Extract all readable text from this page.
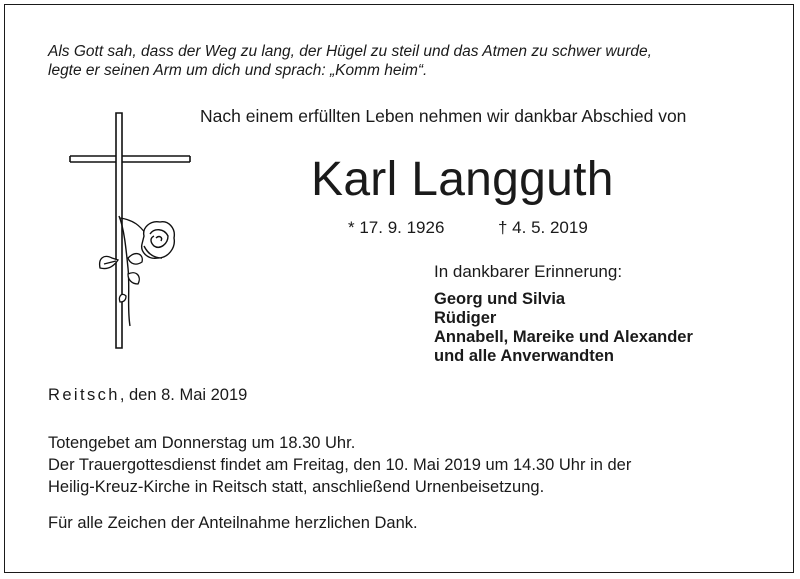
Als Gott sah, dass der Weg zu lang, der Hügel zu steil und das Atmen zu schwer wurde,
legte er seinen Arm um dich und sprach: „Komm heim“.
Nach einem erfüllten Leben nehmen wir dankbar Abschied von
Karl Langguth
* 17. 9. 1926	† 4. 5. 2019
In dankbarer Erinnerung:
Georg und Silvia
Rüdiger
Annabell, Mareike und Alexander
und alle Anverwandten
Reitsch, den 8. Mai 2019
Totengebet am Donnerstag um 18.30 Uhr.
Der Trauergottesdienst findet am Freitag, den 10. Mai 2019 um 14.30 Uhr in der
Heilig-Kreuz-Kirche in Reitsch statt, anschließend Urnenbeisetzung.
Für alle Zeichen der Anteilnahme herzlichen Dank.
